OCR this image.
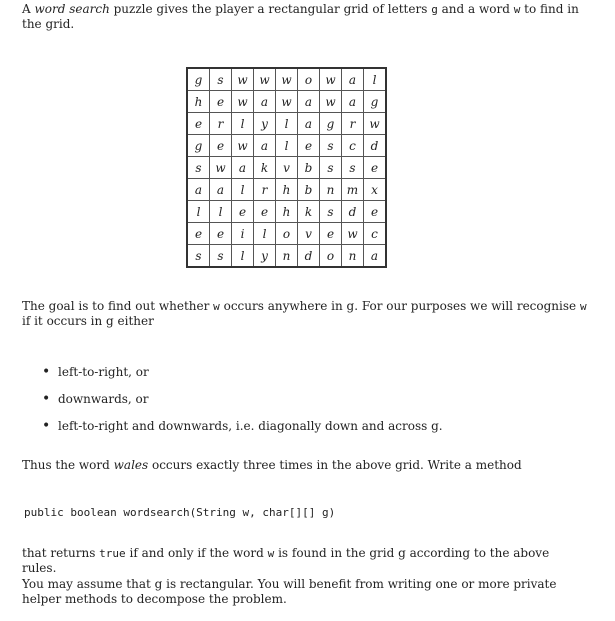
A word search puzzle gives the player a rectangular grid of letters g and a word w to find in the grid.

g	s	w	w	w	o	w	a	l
h	e	w	a	w	a	w	a	g
e	r	l	y	l	a	g	r	w
g	e	w	a	l	e	s	c	d
s	w	a	k	v	b	s	s	e
a	a	l	r	h	b	n	m	x
l	l	e	e	h	k	s	d	e
e	e	i	l	o	v	e	w	c
s	s	l	y	n	d	o	n	a

The goal is to find out whether w occurs anywhere in g. For our purposes we will recognise w if it occurs in g either

• left-to-right, or
• downwards, or
• left-to-right and downwards, i.e. diagonally down and across g.

Thus the word wales occurs exactly three times in the above grid. Write a method

public boolean wordsearch(String w, char[][] g)

that returns true if and only if the word w is found in the grid g according to the above rules.

You may assume that g is rectangular. You will benefit from writing one or more private helper methods to decompose the problem.
